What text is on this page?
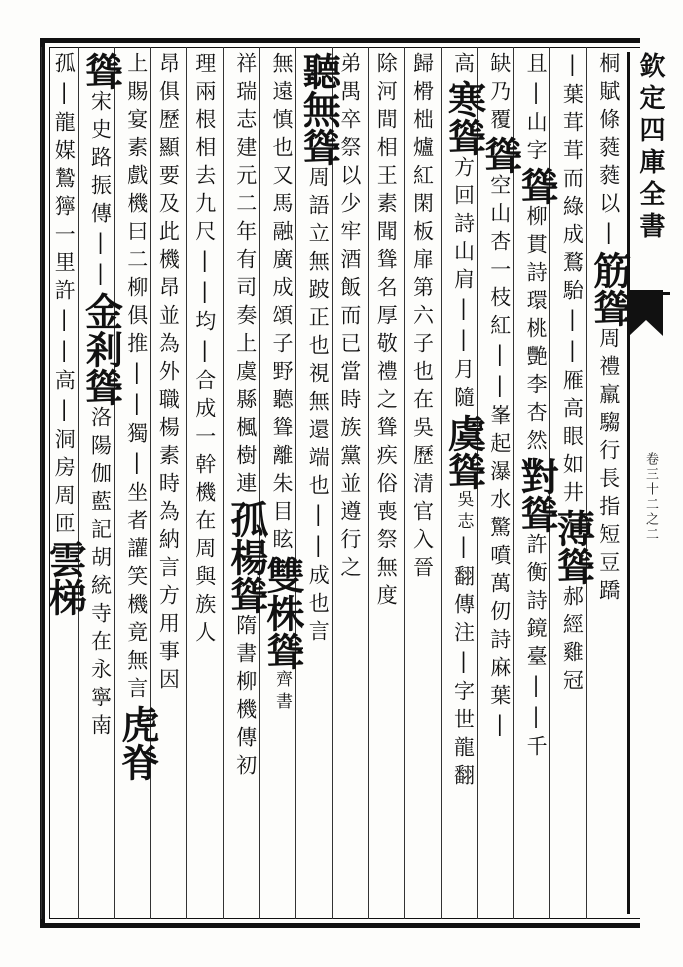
欽定四庫全書
卷三十二之二
桐賦條蕤蕤以|筋聳周禮羸騶行長指短豆蹻
|葉茸茸而綠成鶩駘||雁高眼如井薄聳郝經雞冠
且|山字聳柳貫詩環桃艷李杏然對聳許衡詩鏡臺||千
缺乃覆聳空山杏一枝紅||峯起瀑水驚噴萬仞詩麻葉|
高寒聳方回詩山肩||月隨虞聳吳志|翻傳注|字世龍翻
歸榾柮爐紅閑板扉第六子也在吳歷清官入晉
除河間相王素聞聳名厚敬禮之聳疾俗喪祭無度
弟禺卒祭以少牢酒飯而已當時族黨並遵行之
聽無聳周語立無跛正也視無還端也||成也言
無遠慎也又馬融廣成頌子野聽聳離朱目眩雙株聳齊書
祥瑞志建元二年有司奏上虞縣楓樹連孤楊聳隋書柳機傳初
理兩根相去九尺||均|合成一幹機在周與族人
昂俱歷顯要及此機昂並為外職楊素時為納言方用事因
上賜宴素戲機曰二柳俱推||獨|坐者讙笑機竟無言虎脊
聳宋史路振傳||金剎聳洛陽伽藍記胡統寺在永寧南
孤|龍媒鷙獰一里許||高|洞房周匝雲梯
